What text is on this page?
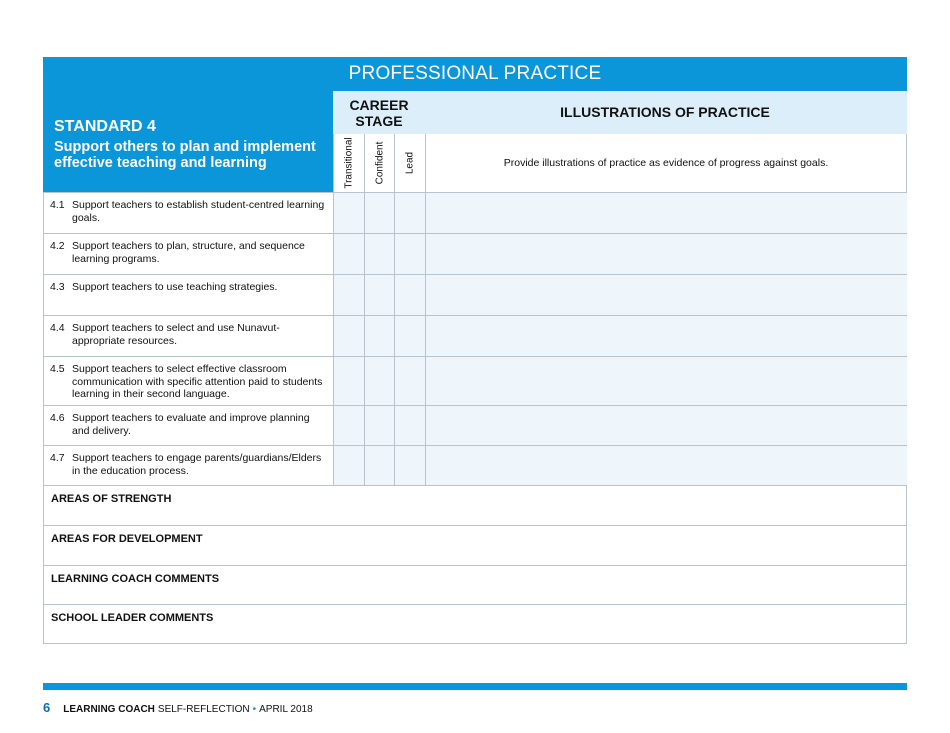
PROFESSIONAL PRACTICE
STANDARD 4
Support others to plan and implement effective teaching and learning
CAREER
STAGE
ILLUSTRATIONS OF PRACTICE
Provide illustrations of practice as evidence of progress against goals.
Transitional Confident Lead
4.1 Support teachers to establish student-centred learning goals.
4.2 Support teachers to plan, structure, and sequence learning programs.
4.3 Support teachers to use teaching strategies.
4.4 Support teachers to select and use Nunavut-appropriate resources.
4.5 Support teachers to select effective classroom communication with specific attention paid to students learning in their second language.
4.6 Support teachers to evaluate and improve planning and delivery.
4.7 Support teachers to engage parents/guardians/Elders in the education process.
AREAS OF STRENGTH
AREAS FOR DEVELOPMENT
LEARNING COACH COMMENTS
SCHOOL LEADER COMMENTS
6 LEARNING COACH SELF-REFLECTION • APRIL 2018
